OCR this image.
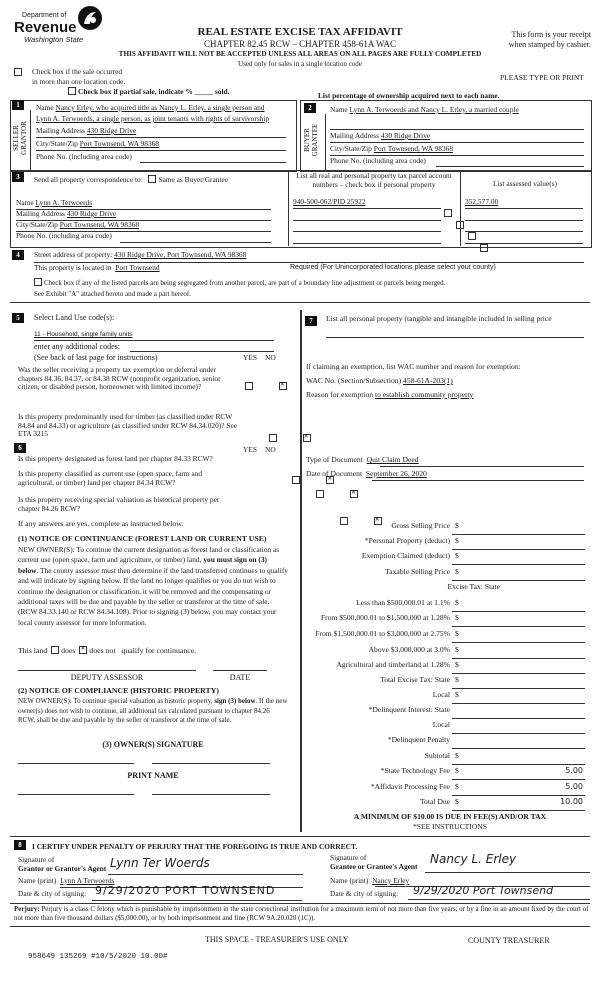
Department of
Revenue
Washington State
REAL ESTATE EXCISE TAX AFFIDAVIT
CHAPTER 82.45 RCW – CHAPTER 458-61A WAC
THIS AFFIDAVIT WILL NOT BE ACCEPTED UNLESS ALL AREAS ON ALL PAGES ARE FULLY COMPLETED
Used only for sales in a single location code
This form is your receipt
when stamped by cashier.
Check box if the sale occurred
in more than one location code.	PLEASE TYPE OR PRINT
Check box if partial sale, indicate % _____ sold.	List percentage of ownership acquired next to each name.
1
SELLER GRANTOR
Name Nancy Erley, who acquired title as Nancy L. Erley, a single person and
Lynn A. Terwoerds, a single person, as joint tenants with rights of survivorship
Mailing Address 430 Ridge Drive
City/State/Zip Port Townsend, WA 98368
Phone No. (including area code)
2
BUYER GRANTEE
Name Lynn A. Terwoerds and Nancy L. Erley, a married couple
Mailing Address 430 Ridge Drive
City/State/Zip Port Townsend, WA 98368
Phone No. (including area code)
3	Send all property correspondence to: Same as Buyer/Grantee
Name Lynn A. Terwoerds
Mailing Address 430 Ridge Drive
City/State/Zip Port Townsend, WA 98368
Phone No. (including area code)
List all real and personal property tax parcel account
numbers – check box if personal property	List assessed value(s)
940-500-062/PID 25922
	352,577.00

4	Street address of property: 430 Ridge Drive, Port Townsend, WA 98368
This property is located in Port Townsend	Required (For Unincorporated locations please select your county)
Check box if any of the listed parcels are being segregated from another parcel, are part of a boundary line adjustment or parcels being merged.
See Exhibit "A" attached hereto and made a part hereof.
5	Select Land Use code(s):
11 - Household, single family units
enter any additional codes:
(See back of last page for instructions)	YES NO
Was the seller receiving a property tax exemption or deferral under chapters 84.36, 84.37, or 84.38 RCW (nonprofit organization, senior citizen, or disabled person, homeowner with limited income)?
✕
Is this property predominantly used for timber (as classified under RCW 84.84 and 84.33) or agriculture (as classified under RCW 84.34.020)? See ETA 3215
✕
6	YES NO
Is this property designated as forest land per chapter 84.33 RCW?
✕
Is this property classified as current use (open space, farm and agricultural, or timber) land per chapter 84.34 RCW?
✕
Is this property receiving special valuation as historical property per chapter 84.26 RCW?
✕
If any answers are yes, complete as instructed below.
(1) NOTICE OF CONTINUANCE (FOREST LAND OR CURRENT USE)
NEW OWNER(S): To continue the current designation as forest land or classification as current use (open space, farm and agriculture, or timber) land, you must sign on (3) below. The county assessor must then determine if the land transferred continues to qualify and will indicate by signing below. If the land no longer qualifies or you do not wish to continue the designation or classification, it will be removed and the compensating or additional taxes will be due and payable by the seller or transferor at the time of sale. (RCW 84.33.140 or RCW 84.34.108). Prior to signing (3) below, you may contact your local county assessor for more information.
This land does ✕ does not qualify for continuance.
DEPUTY ASSESSOR	DATE
(2) NOTICE OF COMPLIANCE (HISTORIC PROPERTY)
NEW OWNER(S): To continue special valuation as historic property, sign (3) below. If the new owner(s) does not wish to continue, all additional tax calculated pursuant to chapter 84.26 RCW, shall be due and payable by the seller or transferor at the time of sale.
(3) OWNER(S) SIGNATURE
PRINT NAME
7	List all personal property (tangible and intangible included in selling price
If claiming an exemption, list WAC number and reason for exemption:
WAC No. (Section/Subsection) 458-61A-203(1)
Reason for exemption to establish community property
Type of Document Quit Claim Deed
Date of Document September 26, 2020
Gross Selling Price $
*Personal Property (deduct) $
Exemption Claimed (deduct) $
Taxable Selling Price $
Excise Tax: State
Less than $500,000.01 at 1.1% $
From $500,000.01 to $1,500,000 at 1.28% $
From $1,500,000.01 to $3,000,000 at 2.75% $
Above $3,000,000 at 3.0% $
Agricultural and timberland at 1.28% $
Total Excise Tax: State $
Local $
*Delinquent Interest: State
Local
*Delinquent Penalty
Subtotal $
*State Technology Fee $	5.00
*Affidavit Processing Fee $	5.00
Total Due $	10.00
A MINIMUM OF $10.00 IS DUE IN FEE(S) AND/OR TAX
*SEE INSTRUCTIONS
8	I CERTIFY UNDER PENALTY OF PERJURY THAT THE FOREGOING IS TRUE AND CORRECT.
Signature of
Grantor or Grantor's Agent Lynn Ter Woerds
Name (print) Lynn A Terwoerds
Date & city of signing: 9/29/2020 PORT TOWNSEND
Signature of
Grantee or Grantee's Agent
Nancy L. Erley
Name (print) Nancy Erley
Date & city of signing: 9/29/2020 Port Townsend
Perjury: Perjury is a class C felony which is punishable by imprisonment in the state correctional institution for a maximum term of not more than five years, or by a fine in an amount fixed by the court of not more than five thousand dollars ($5,000.00), or by both imprisonment and fine (RCW 9A.20.020 (1C)).
THIS SPACE - TREASURER'S USE ONLY	COUNTY TREASURER
958649 135269 #10/5/2020 10.00#
